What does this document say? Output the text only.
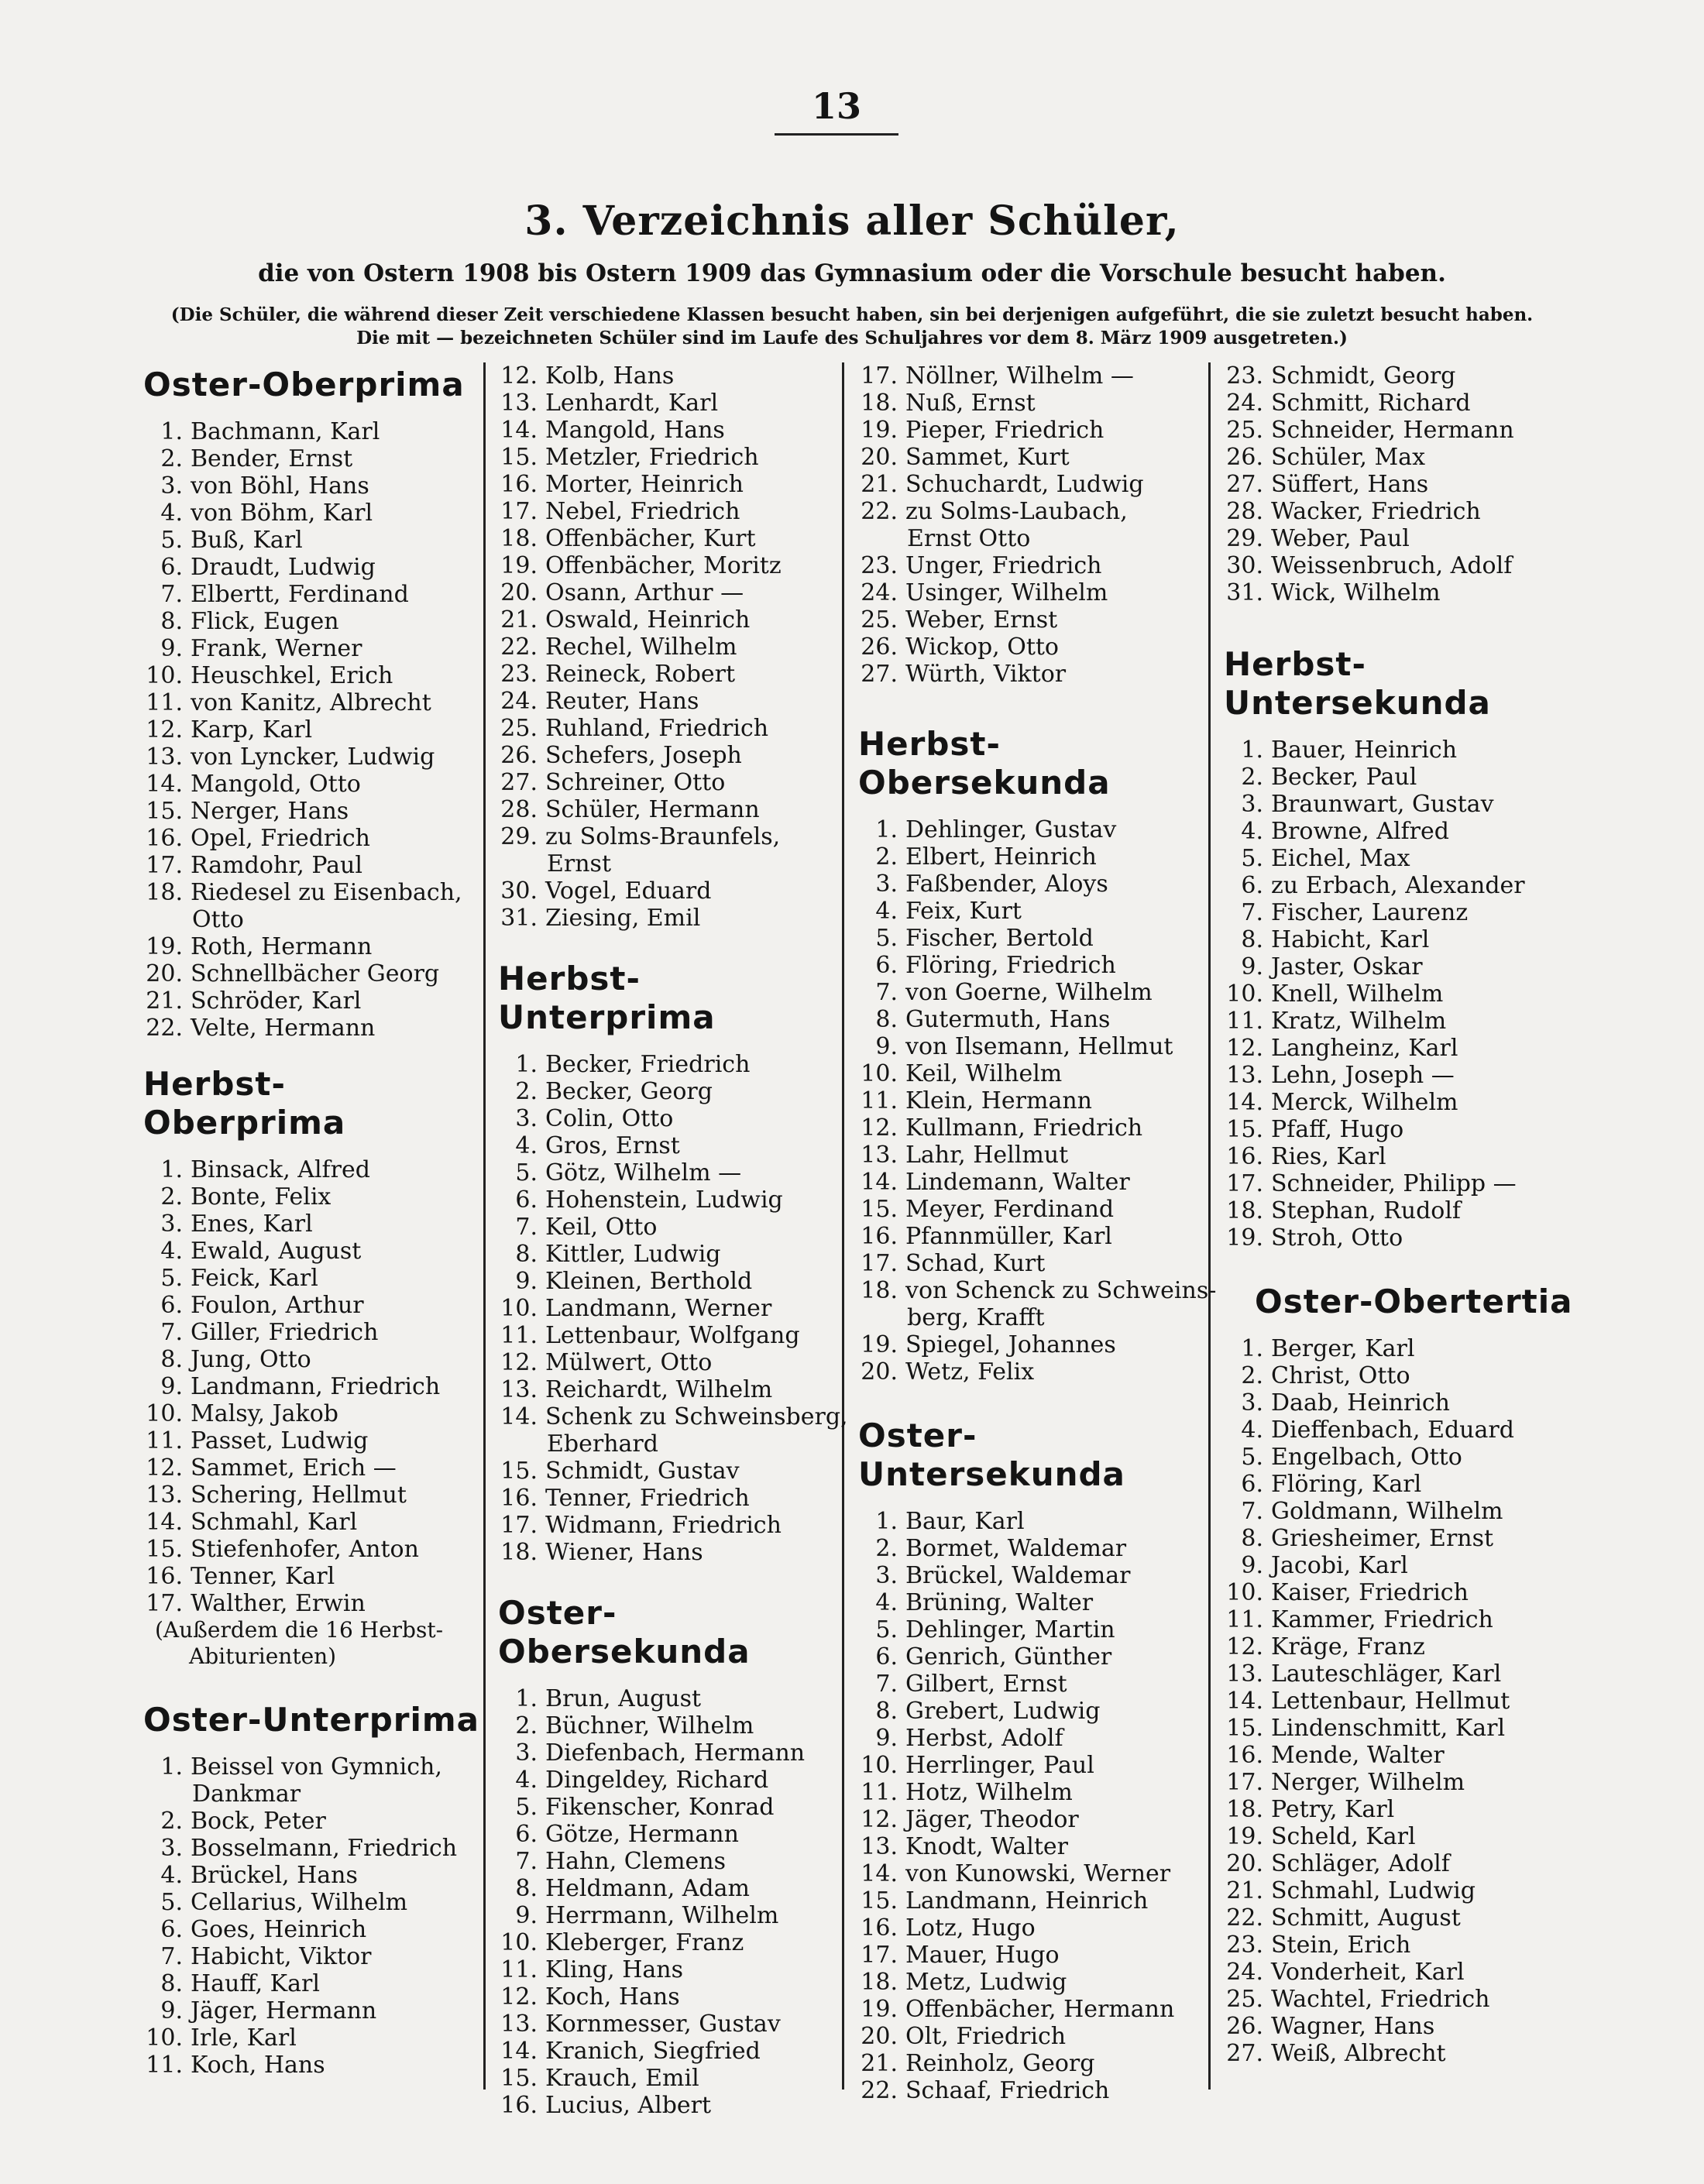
13
3. Verzeichnis aller Schüler,
die von Ostern 1908 bis Ostern 1909 das Gymnasium oder die Vorschule besucht haben.
(Die Schüler, die während dieser Zeit verschiedene Klassen besucht haben, sin bei derjenigen aufgeführt, die sie zuletzt besucht haben.
Die mit — bezeichneten Schüler sind im Laufe des Schuljahres vor dem 8. März 1909 ausgetreten.)
Oster-Oberprima
1. Bachmann, Karl
2. Bender, Ernst
3. von Böhl, Hans
4. von Böhm, Karl
5. Buß, Karl
6. Draudt, Ludwig
7. Elbertt, Ferdinand
8. Flick, Eugen
9. Frank, Werner
10. Heuschkel, Erich
11. von Kanitz, Albrecht
12. Karp, Karl
13. von Lyncker, Ludwig
14. Mangold, Otto
15. Nerger, Hans
16. Opel, Friedrich
17. Ramdohr, Paul
18. Riedesel zu Eisenbach,
Otto
19. Roth, Hermann
20. Schnellbächer Georg
21. Schröder, Karl
22. Velte, Hermann
Herbst-Oberprima
1. Binsack, Alfred
2. Bonte, Felix
3. Enes, Karl
4. Ewald, August
5. Feick, Karl
6. Foulon, Arthur
7. Giller, Friedrich
8. Jung, Otto
9. Landmann, Friedrich
10. Malsy, Jakob
11. Passet, Ludwig
12. Sammet, Erich —
13. Schering, Hellmut
14. Schmahl, Karl
15. Stiefenhofer, Anton
16. Tenner, Karl
17. Walther, Erwin
(Außerdem die 16 Herbst-
Abiturienten)
Oster-Unterprima
1. Beissel von Gymnich,
Dankmar
2. Bock, Peter
3. Bosselmann, Friedrich
4. Brückel, Hans
5. Cellarius, Wilhelm
6. Goes, Heinrich
7. Habicht, Viktor
8. Hauff, Karl
9. Jäger, Hermann
10. Irle, Karl
11. Koch, Hans
12. Kolb, Hans
13. Lenhardt, Karl
14. Mangold, Hans
15. Metzler, Friedrich
16. Morter, Heinrich
17. Nebel, Friedrich
18. Offenbächer, Kurt
19. Offenbächer, Moritz
20. Osann, Arthur —
21. Oswald, Heinrich
22. Rechel, Wilhelm
23. Reineck, Robert
24. Reuter, Hans
25. Ruhland, Friedrich
26. Schefers, Joseph
27. Schreiner, Otto
28. Schüler, Hermann
29. zu Solms-Braunfels,
Ernst
30. Vogel, Eduard
31. Ziesing, Emil
Herbst-Unterprima
1. Becker, Friedrich
2. Becker, Georg
3. Colin, Otto
4. Gros, Ernst
5. Götz, Wilhelm —
6. Hohenstein, Ludwig
7. Keil, Otto
8. Kittler, Ludwig
9. Kleinen, Berthold
10. Landmann, Werner
11. Lettenbaur, Wolfgang
12. Mülwert, Otto
13. Reichardt, Wilhelm
14. Schenk zu Schweinsberg,
Eberhard
15. Schmidt, Gustav
16. Tenner, Friedrich
17. Widmann, Friedrich
18. Wiener, Hans
Oster-Obersekunda
1. Brun, August
2. Büchner, Wilhelm
3. Diefenbach, Hermann
4. Dingeldey, Richard
5. Fikenscher, Konrad
6. Götze, Hermann
7. Hahn, Clemens
8. Heldmann, Adam
9. Herrmann, Wilhelm
10. Kleberger, Franz
11. Kling, Hans
12. Koch, Hans
13. Kornmesser, Gustav
14. Kranich, Siegfried
15. Krauch, Emil
16. Lucius, Albert
17. Nöllner, Wilhelm —
18. Nuß, Ernst
19. Pieper, Friedrich
20. Sammet, Kurt
21. Schuchardt, Ludwig
22. zu Solms-Laubach,
Ernst Otto
23. Unger, Friedrich
24. Usinger, Wilhelm
25. Weber, Ernst
26. Wickop, Otto
27. Würth, Viktor
Herbst-Obersekunda
1. Dehlinger, Gustav
2. Elbert, Heinrich
3. Faßbender, Aloys
4. Feix, Kurt
5. Fischer, Bertold
6. Flöring, Friedrich
7. von Goerne, Wilhelm
8. Gutermuth, Hans
9. von Ilsemann, Hellmut
10. Keil, Wilhelm
11. Klein, Hermann
12. Kullmann, Friedrich
13. Lahr, Hellmut
14. Lindemann, Walter
15. Meyer, Ferdinand
16. Pfannmüller, Karl
17. Schad, Kurt
18. von Schenck zu Schweins-
berg, Krafft
19. Spiegel, Johannes
20. Wetz, Felix
Oster-Untersekunda
1. Baur, Karl
2. Bormet, Waldemar
3. Brückel, Waldemar
4. Brüning, Walter
5. Dehlinger, Martin
6. Genrich, Günther
7. Gilbert, Ernst
8. Grebert, Ludwig
9. Herbst, Adolf
10. Herrlinger, Paul
11. Hotz, Wilhelm
12. Jäger, Theodor
13. Knodt, Walter
14. von Kunowski, Werner
15. Landmann, Heinrich
16. Lotz, Hugo
17. Mauer, Hugo
18. Metz, Ludwig
19. Offenbächer, Hermann
20. Olt, Friedrich
21. Reinholz, Georg
22. Schaaf, Friedrich
23. Schmidt, Georg
24. Schmitt, Richard
25. Schneider, Hermann
26. Schüler, Max
27. Süffert, Hans
28. Wacker, Friedrich
29. Weber, Paul
30. Weissenbruch, Adolf
31. Wick, Wilhelm
Herbst-Untersekunda
1. Bauer, Heinrich
2. Becker, Paul
3. Braunwart, Gustav
4. Browne, Alfred
5. Eichel, Max
6. zu Erbach, Alexander
7. Fischer, Laurenz
8. Habicht, Karl
9. Jaster, Oskar
10. Knell, Wilhelm
11. Kratz, Wilhelm
12. Langheinz, Karl
13. Lehn, Joseph —
14. Merck, Wilhelm
15. Pfaff, Hugo
16. Ries, Karl
17. Schneider, Philipp —
18. Stephan, Rudolf
19. Stroh, Otto
Oster-Obertertia
1. Berger, Karl
2. Christ, Otto
3. Daab, Heinrich
4. Dieffenbach, Eduard
5. Engelbach, Otto
6. Flöring, Karl
7. Goldmann, Wilhelm
8. Griesheimer, Ernst
9. Jacobi, Karl
10. Kaiser, Friedrich
11. Kammer, Friedrich
12. Kräge, Franz
13. Lauteschläger, Karl
14. Lettenbaur, Hellmut
15. Lindenschmitt, Karl
16. Mende, Walter
17. Nerger, Wilhelm
18. Petry, Karl
19. Scheld, Karl
20. Schläger, Adolf
21. Schmahl, Ludwig
22. Schmitt, August
23. Stein, Erich
24. Vonderheit, Karl
25. Wachtel, Friedrich
26. Wagner, Hans
27. Weiß, Albrecht
